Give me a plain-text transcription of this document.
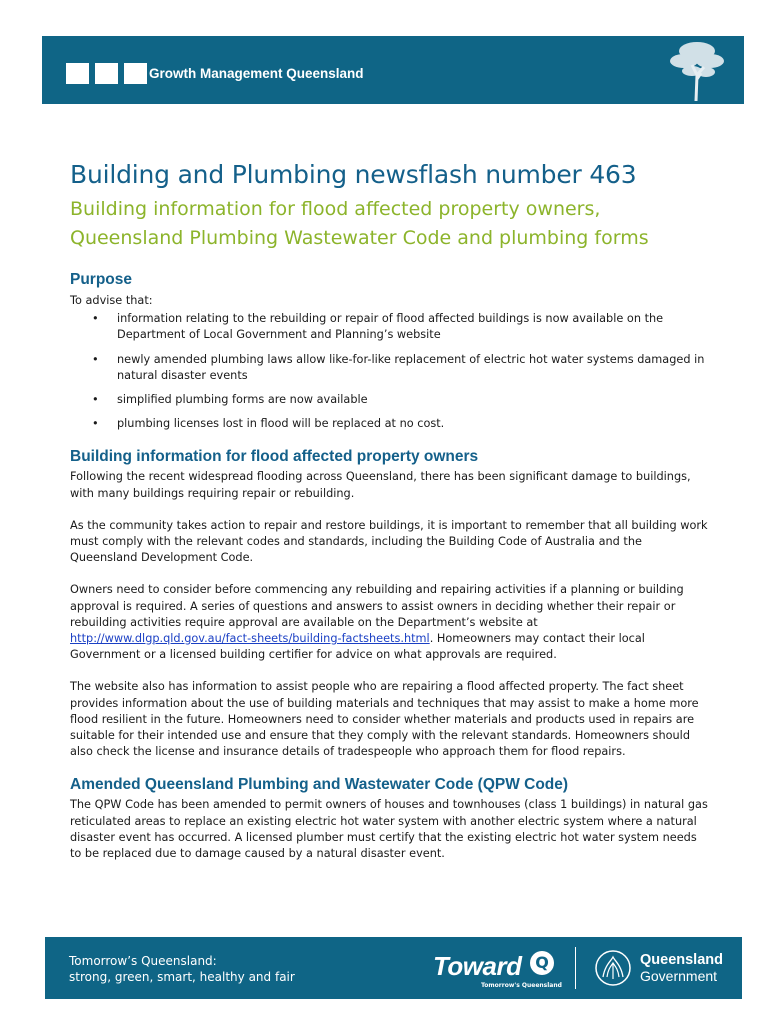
Growth Management Queensland
Building and Plumbing newsflash number 463
Building information for flood affected property owners,
Queensland Plumbing Wastewater Code and plumbing forms
Purpose

To advise that:

• information relating to the rebuilding or repair of flood affected buildings is now available on the Department of Local Government and Planning’s website
• newly amended plumbing laws allow like-for-like replacement of electric hot water systems damaged in natural disaster events
• simplified plumbing forms are now available
• plumbing licenses lost in flood will be replaced at no cost.
Building information for flood affected property owners

Following the recent widespread flooding across Queensland, there has been significant damage to buildings, with many buildings requiring repair or rebuilding.

As the community takes action to repair and restore buildings, it is important to remember that all building work must comply with the relevant codes and standards, including the Building Code of Australia and the Queensland Development Code.

Owners need to consider before commencing any rebuilding and repairing activities if a planning or building approval is required. A series of questions and answers to assist owners in deciding whether their repair or rebuilding activities require approval are available on the Department’s website at http://www.dlgp.qld.gov.au/fact-sheets/building-factsheets.html. Homeowners may contact their local Government or a licensed building certifier for advice on what approvals are required.

The website also has information to assist people who are repairing a flood affected property. The fact sheet provides information about the use of building materials and techniques that may assist to make a home more flood resilient in the future. Homeowners need to consider whether materials and products used in repairs are suitable for their intended use and ensure that they comply with the relevant standards. Homeowners should also check the license and insurance details of tradespeople who approach them for flood repairs.

Amended Queensland Plumbing and Wastewater Code (QPW Code)

The QPW Code has been amended to permit owners of houses and townhouses (class 1 buildings) in natural gas reticulated areas to replace an existing electric hot water system with another electric system where a natural disaster event has occurred. A licensed plumber must certify that the existing electric hot water system needs to be replaced due to damage caused by a natural disaster event.

Tomorrow’s Queensland:
strong, green, smart, healthy and fair	Toward Q
Tomorrow's Queensland
Queensland
Government
